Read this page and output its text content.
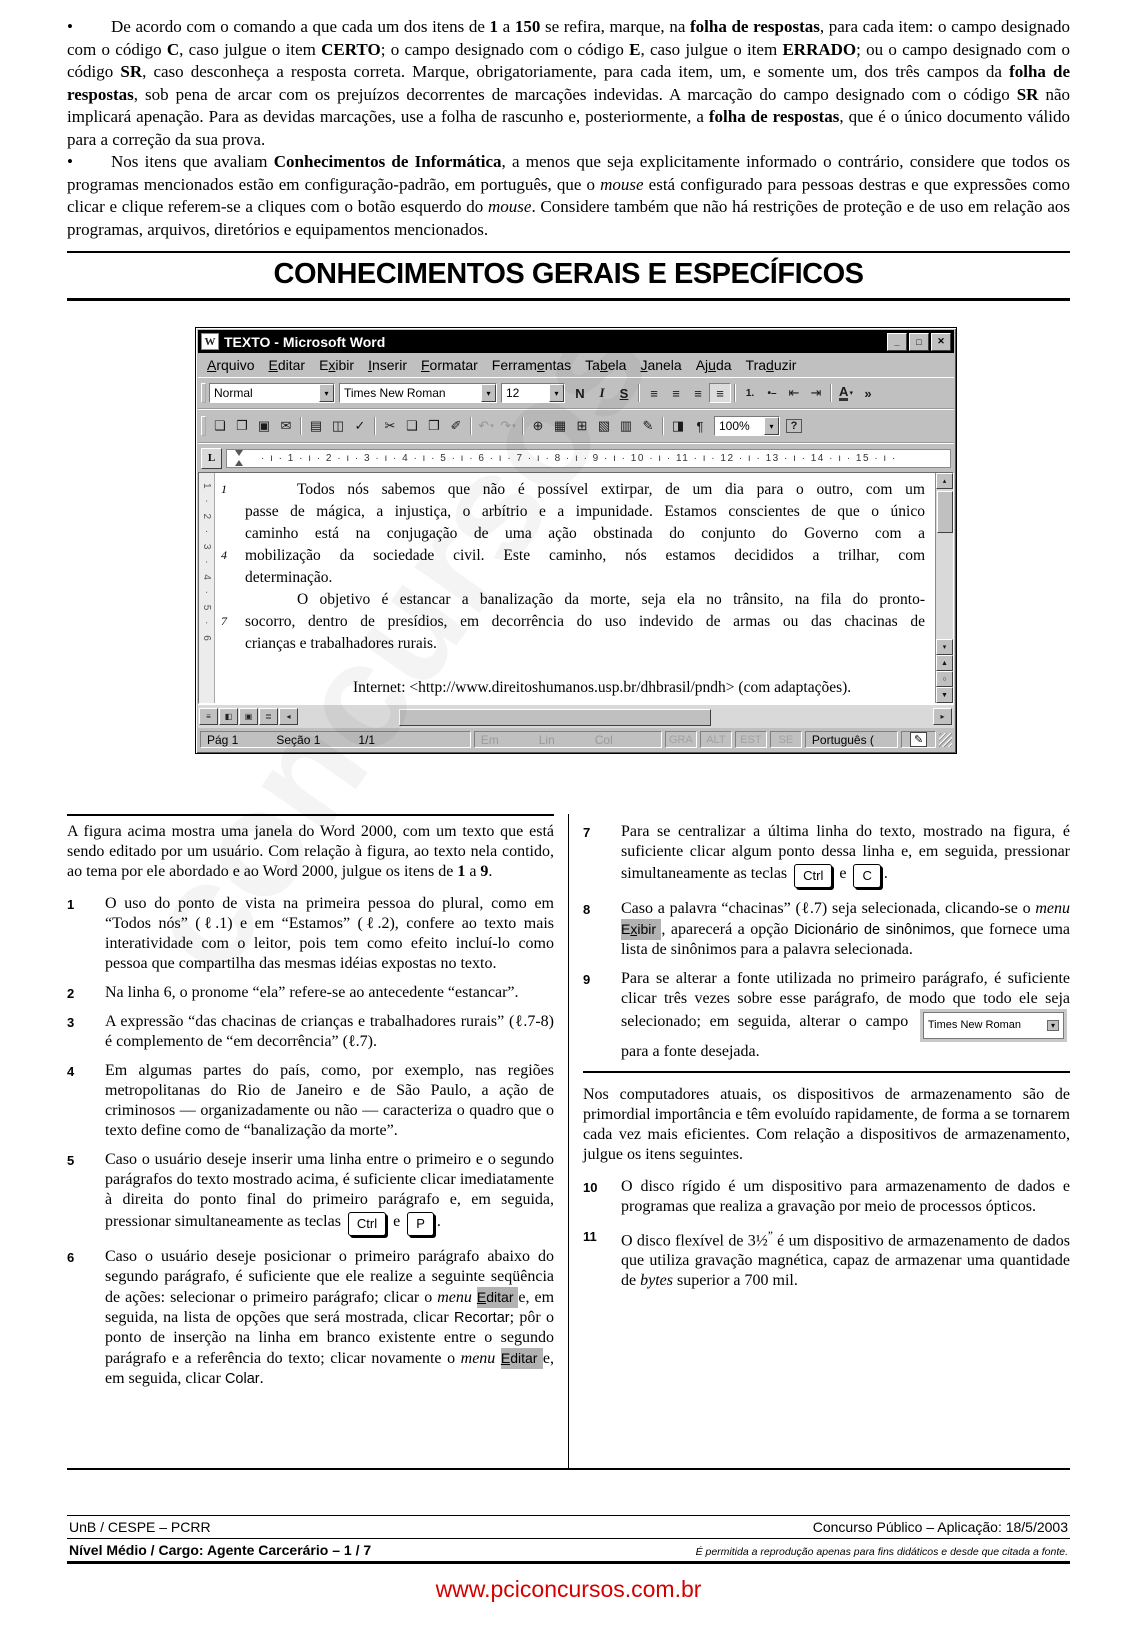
• De acordo com o comando a que cada um dos itens de 1 a 150 se refira, marque, na folha de respostas, para cada item: o campo designado com o código C, caso julgue o item CERTO; o campo designado com o código E, caso julgue o item ERRADO; ou o campo designado com o código SR, caso desconheça a resposta correta. Marque, obrigatoriamente, para cada item, um, e somente um, dos três campos da folha de respostas, sob pena de arcar com os prejuízos decorrentes de marcações indevidas. A marcação do campo designado com o código SR não implicará apenação. Para as devidas marcações, use a folha de rascunho e, posteriormente, a folha de respostas, que é o único documento válido para a correção da sua prova.

• Nos itens que avaliam Conhecimentos de Informática, a menos que seja explicitamente informado o contrário, considere que todos os programas mencionados estão em configuração-padrão, em português, que o mouse está configurado para pessoas destras e que expressões como clicar e clique referem-se a cliques com o botão esquerdo do mouse. Considere também que não há restrições de proteção e de uso em relação aos programas, arquivos, diretórios e equipamentos mencionados.

CONHECIMENTOS GERAIS E ESPECÍFICOS
W TEXTO - Microsoft Word	_	□	✕
Arquivo	Editar	Exibir	Inserir	Formatar	Ferramentas	Tabela	Janela	Ajuda	Traduzir
Normal	▾	Times New Roman	▾	12	▾	N I S ≡ ≡ ≡ ≡ 1. •– ⇤ ⇥ A ▾ »
❏ ❐ ▣ ✉ ▤ ◫ ✓ ✂ ❑ ❒ ✐ ↶ ▾ ↷ ▾ ⊕ ▦ ⊞ ▧ ▥ ✎ ◨ ¶ 100%	▾	?
L	· ı · 1 · ı · 2 · ı · 3 · ı · 4 · ı · 5 · ı · 6 · ı · 7 · ı · 8 · ı · 9 · ı · 10 · ı · 11 · ı · 12 · ı · 13 · ı · 14 · ı · 15 · ı ·
1 · 2 · 3 · 4 · 5 · 6 1	Todos nós sabemos que não é possível extirpar, de um dia para o outro, com um
passe de mágica, a injustiça, o arbítrio e a impunidade. Estamos conscientes de que o único
caminho está na conjugação de uma ação obstinada do conjunto do Governo com a
4 mobilização da sociedade civil. Este caminho, nós estamos decididos a trilhar, com
determinação.
O objetivo é estancar a banalização da morte, seja ela no trânsito, na fila do pronto-
7 socorro, dentro de presídios, em decorrência do uso indevido de armas ou das chacinas de
crianças e trabalhadores rurais.
Internet: <http://www.direitoshumanos.usp.br/dhbrasil/pndh> (com adaptações).
▴
▾
▲
○
▼
≡	◧	▣	≣	◂	▸
Pág 1	Seção 1	1/1	Em	Lin	Col	GRA	ALT	EST	SE	Português (	✎

A figura acima mostra uma janela do Word 2000, com um texto que está sendo editado por um usuário. Com relação à figura, ao texto nela contido, ao tema por ele abordado e ao Word 2000, julgue os itens de 1 a 9.

1	O uso do ponto de vista na primeira pessoa do plural, como em “Todos nós” (ℓ.1) e em “Estamos” (ℓ.2), confere ao texto mais interatividade com o leitor, pois tem como efeito incluí-lo como pessoa que compartilha das mesmas idéias expostas no texto.
2	Na linha 6, o pronome “ela” refere-se ao antecedente “estancar”.
3	A expressão “das chacinas de crianças e trabalhadores rurais” (ℓ.7-8) é complemento de “em decorrência” (ℓ.7).
4	Em algumas partes do país, como, por exemplo, nas regiões metropolitanas do Rio de Janeiro e de São Paulo, a ação de criminosos — organizadamente ou não — caracteriza o quadro que o texto define como de “banalização da morte”.
5	Caso o usuário deseje inserir uma linha entre o primeiro e o segundo parágrafos do texto mostrado acima, é suficiente clicar imediatamente à direita do ponto final do primeiro parágrafo e, em seguida, pressionar simultaneamente as teclas Ctrl e P .
6	Caso o usuário deseje posicionar o primeiro parágrafo abaixo do segundo parágrafo, é suficiente que ele realize a seguinte seqüência de ações: selecionar o primeiro parágrafo; clicar o menu Editar e, em seguida, na lista de opções que será mostrada, clicar Recortar; pôr o ponto de inserção na linha em branco existente entre o segundo parágrafo e a referência do texto; clicar novamente o menu Editar e, em seguida, clicar Colar.
7	Para se centralizar a última linha do texto, mostrado na figura, é suficiente clicar algum ponto dessa linha e, em seguida, pressionar simultaneamente as teclas Ctrl e C .
8	Caso a palavra “chacinas” (ℓ.7) seja selecionada, clicando-se o menu Exibir , aparecerá a opção Dicionário de sinônimos, que fornece uma lista de sinônimos para a palavra selecionada.
9	Para se alterar a fonte utilizada no primeiro parágrafo, é suficiente clicar três vezes sobre esse parágrafo, de modo que todo ele seja selecionado; em seguida, alterar o campo Times New Roman ▾ para a fonte desejada.

Nos computadores atuais, os dispositivos de armazenamento são de primordial importância e têm evoluído rapidamente, de forma a se tornarem cada vez mais eficientes. Com relação a dispositivos de armazenamento, julgue os itens seguintes.

10	O disco rígido é um dispositivo para armazenamento de dados e programas que realiza a gravação por meio de processos ópticos.
11	O disco flexível de 3½” é um dispositivo de armazenamento de dados que utiliza gravação magnética, capaz de armazenar uma quantidade de bytes superior a 700 mil.
UnB / CESPE – PCRR	Concurso Público – Aplicação: 18/5/2003
Nível Médio / Cargo: Agente Carcerário – 1 / 7	É permitida a reprodução apenas para fins didáticos e desde que citada a fonte.
www.pciconcursos.com.br
